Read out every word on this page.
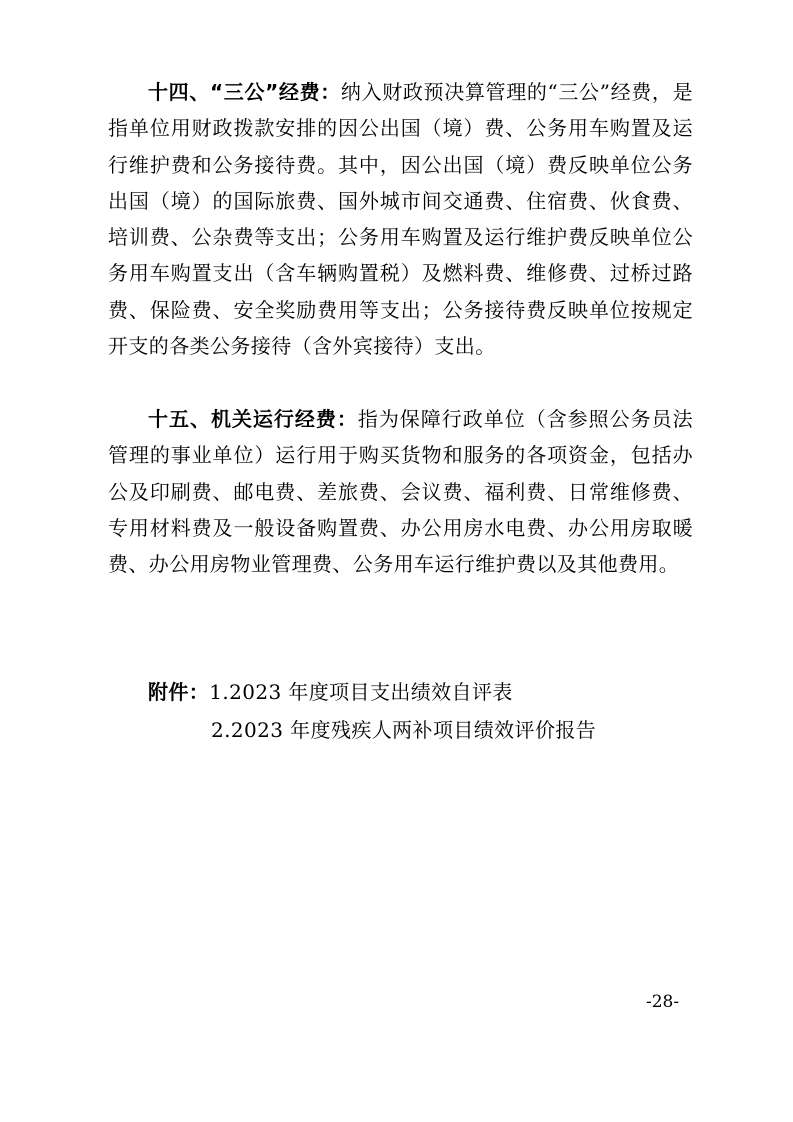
十四、“三公”经费：纳入财政预决算管理的“三公”经费，是指单位用财政拨款安排的因公出国（境）费、公务用车购置及运行维护费和公务接待费。其中，因公出国（境）费反映单位公务出国（境）的国际旅费、国外城市间交通费、住宿费、伙食费、培训费、公杂费等支出；公务用车购置及运行维护费反映单位公务用车购置支出（含车辆购置税）及燃料费、维修费、过桥过路费、保险费、安全奖励费用等支出；公务接待费反映单位按规定开支的各类公务接待（含外宾接待）支出。

十五、机关运行经费：指为保障行政单位（含参照公务员法管理的事业单位）运行用于购买货物和服务的各项资金，包括办公及印刷费、邮电费、差旅费、会议费、福利费、日常维修费、专用材料费及一般设备购置费、办公用房水电费、办公用房取暖费、办公用房物业管理费、公务用车运行维护费以及其他费用。

附件：1.2023 年度项目支出绩效自评表
2.2023 年度残疾人两补项目绩效评价报告
-28-
